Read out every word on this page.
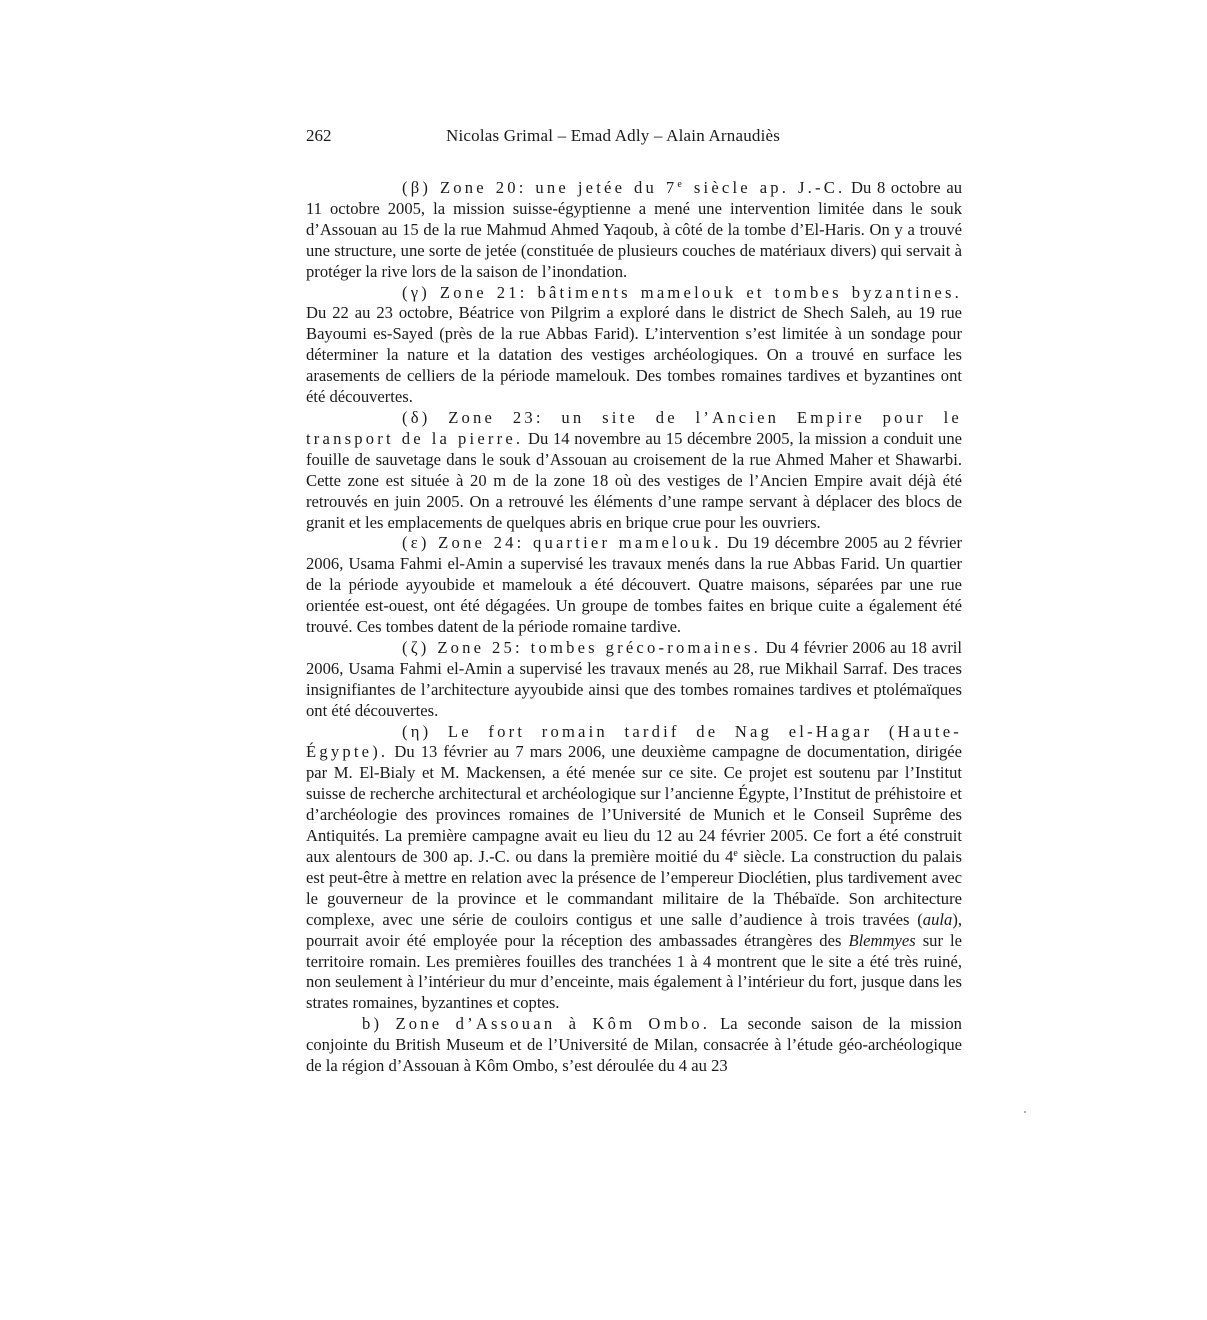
262	Nicolas Grimal – Emad Adly – Alain Arnaudiès

(β) Zone 20: une jetée du 7e siècle ap. J.-C. Du 8 octobre au 11 octobre 2005, la mission suisse-égyptienne a mené une intervention limitée dans le souk d’Assouan au 15 de la rue Mahmud Ahmed Yaqoub, à côté de la tombe d’El-Haris. On y a trouvé une structure, une sorte de jetée (constituée de plusieurs couches de matériaux divers) qui servait à protéger la rive lors de la saison de l’inondation.

(γ) Zone 21: bâtiments mamelouk et tombes byzantines. Du 22 au 23 octobre, Béatrice von Pilgrim a exploré dans le district de Shech Saleh, au 19 rue Bayoumi es-Sayed (près de la rue Abbas Farid). L’intervention s’est limitée à un sondage pour déterminer la nature et la datation des vestiges archéologiques. On a trouvé en surface les arasements de celliers de la période mamelouk. Des tombes romaines tardives et byzantines ont été découvertes.

(δ) Zone 23: un site de l’Ancien Empire pour le transport de la pierre. Du 14 novembre au 15 décembre 2005, la mission a conduit une fouille de sauvetage dans le souk d’Assouan au croisement de la rue Ahmed Maher et Shawarbi. Cette zone est située à 20 m de la zone 18 où des vestiges de l’Ancien Empire avait déjà été retrouvés en juin 2005. On a retrouvé les éléments d’une rampe servant à déplacer des blocs de granit et les emplacements de quelques abris en brique crue pour les ouvriers.

(ε) Zone 24: quartier mamelouk. Du 19 décembre 2005 au 2 février 2006, Usama Fahmi el-Amin a supervisé les travaux menés dans la rue Abbas Farid. Un quartier de la période ayyoubide et mamelouk a été découvert. Quatre maisons, séparées par une rue orientée est-ouest, ont été dégagées. Un groupe de tombes faites en brique cuite a également été trouvé. Ces tombes datent de la période romaine tardive.

(ζ) Zone 25: tombes gréco-romaines. Du 4 février 2006 au 18 avril 2006, Usama Fahmi el-Amin a supervisé les travaux menés au 28, rue Mikhail Sarraf. Des traces insignifiantes de l’architecture ayyoubide ainsi que des tombes romaines tardives et ptolémaïques ont été découvertes.

(η) Le fort romain tardif de Nag el-Hagar (Haute-Égypte). Du 13 février au 7 mars 2006, une deuxième campagne de documentation, dirigée par M. El-Bialy et M. Mackensen, a été menée sur ce site. Ce projet est soutenu par l’Institut suisse de recherche architectural et archéologique sur l’ancienne Égypte, l’Institut de préhistoire et d’archéologie des provinces romaines de l’Université de Munich et le Conseil Suprême des Antiquités. La première campagne avait eu lieu du 12 au 24 février 2005. Ce fort a été construit aux alentours de 300 ap. J.-C. ou dans la première moitié du 4e siècle. La construction du palais est peut-être à mettre en relation avec la présence de l’empereur Dioclétien, plus tardivement avec le gouverneur de la province et le commandant militaire de la Thébaïde. Son architecture complexe, avec une série de couloirs contigus et une salle d’audience à trois travées (aula), pourrait avoir été employée pour la réception des ambassades étrangères des Blemmyes sur le territoire romain. Les premières fouilles des tranchées 1 à 4 montrent que le site a été très ruiné, non seulement à l’intérieur du mur d’enceinte, mais également à l’intérieur du fort, jusque dans les strates romaines, byzantines et coptes.

b) Zone d’Assouan à Kôm Ombo. La seconde saison de la mission conjointe du British Museum et de l’Université de Milan, consacrée à l’étude géo-archéologique de la région d’Assouan à Kôm Ombo, s’est déroulée du 4 au 23
